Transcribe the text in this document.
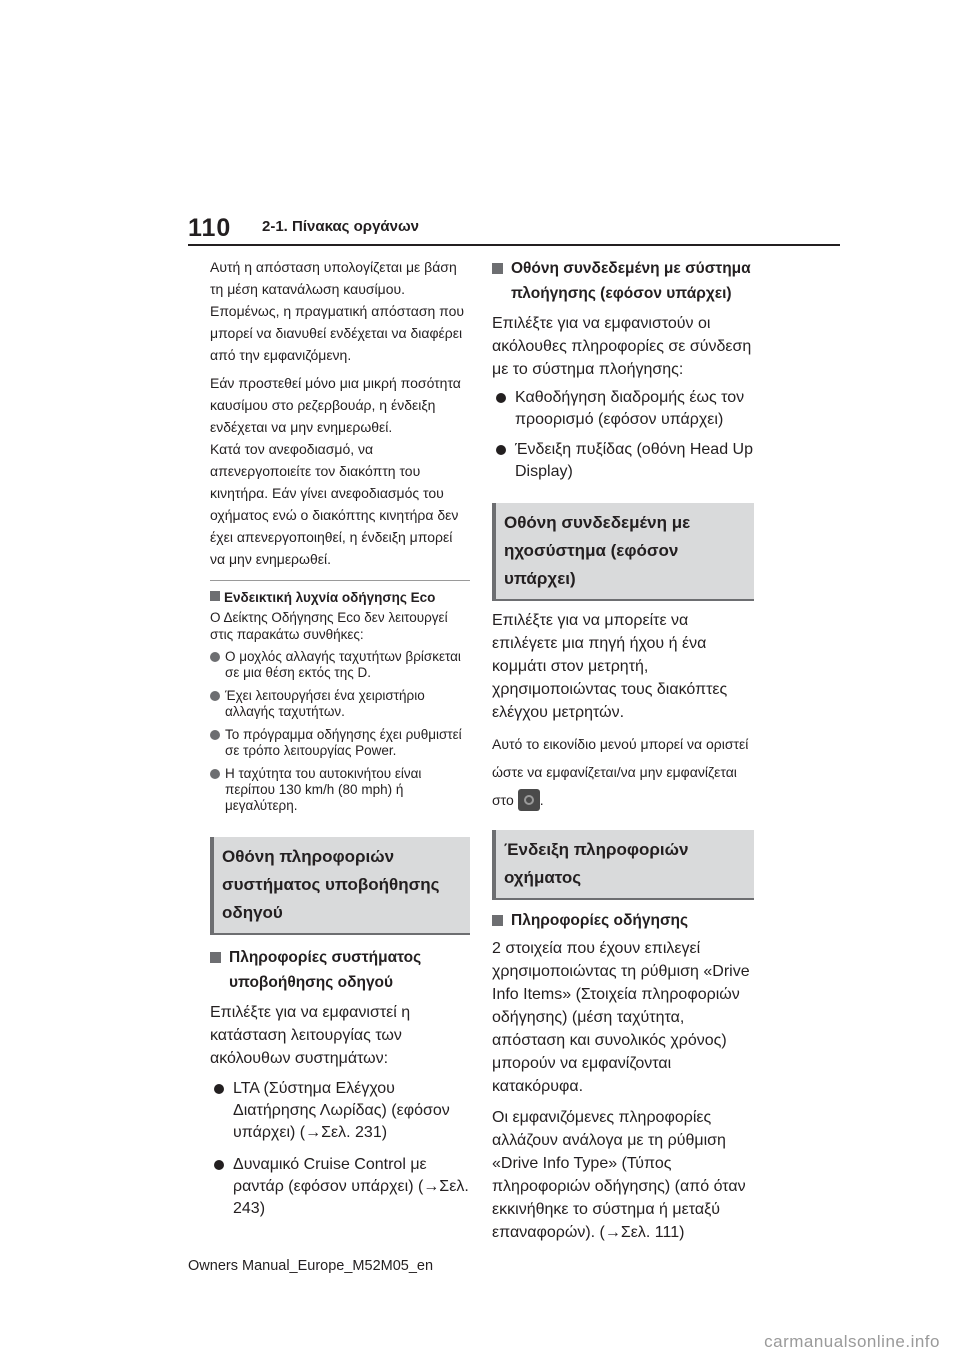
110 2-1. Πίνακας οργάνων

Αυτή η απόσταση υπολογίζεται με βάση τη μέση κατανάλωση καυσίμου. Επομένως, η πραγματική απόσταση που μπορεί να διανυθεί ενδέχεται να διαφέρει από την εμφανιζόμενη.

Εάν προστεθεί μόνο μια μικρή ποσότητα καυσίμου στο ρεζερβουάρ, η ένδειξη ενδέχεται να μην ενημερωθεί.

Κατά τον ανεφοδιασμό, να απενεργοποιείτε τον διακόπτη του κινητήρα. Εάν γίνει ανεφοδιασμός του οχήματος ενώ ο διακόπτης κινητήρα δεν έχει απενεργοποιηθεί, η ένδειξη μπορεί να μην ενημερωθεί.

Ενδεικτική λυχνία οδήγησης Eco
Ο Δείκτης Οδήγησης Eco δεν λειτουργεί στις παρακάτω συνθήκες:
Ο μοχλός αλλαγής ταχυτήτων βρίσκεται σε μια θέση εκτός της D.
Έχει λειτουργήσει ένα χειριστήριο αλλαγής ταχυτήτων.
Το πρόγραμμα οδήγησης έχει ρυθμιστεί σε τρόπο λειτουργίας Power.
Η ταχύτητα του αυτοκινήτου είναι περίπου 130 km/h (80 mph) ή μεγαλύτερη.
Οθόνη πληροφοριών συστήματος υποβοήθησης οδηγού
Πληροφορίες συστήματος υποβοήθησης οδηγού

Επιλέξτε για να εμφανιστεί η κατάσταση λειτουργίας των ακόλουθων συστημάτων:

LTA (Σύστημα Ελέγχου Διατήρησης Λωρίδας) (εφόσον υπάρχει) (→Σελ. 231)
Δυναμικό Cruise Control με ραντάρ (εφόσον υπάρχει) (→Σελ. 243)
Οθόνη συνδεδεμένη με σύστημα πλοήγησης (εφόσον υπάρχει)

Επιλέξτε για να εμφανιστούν οι ακόλουθες πληροφορίες σε σύνδεση με το σύστημα πλοήγησης:

Καθοδήγηση διαδρομής έως τον προορισμό (εφόσον υπάρχει)
Ένδειξη πυξίδας (οθόνη Head Up Display)
Οθόνη συνδεδεμένη με ηχοσύστημα (εφόσον υπάρχει)

Επιλέξτε για να μπορείτε να επιλέγετε μια πηγή ήχου ή ένα κομμάτι στον μετρητή, χρησιμοποιώντας τους διακόπτες ελέγχου μετρητών.

Αυτό το εικονίδιο μενού μπορεί να οριστεί ώστε να εμφανίζεται/να μην εμφανίζεται στο .

Ένδειξη πληροφοριών οχήματος
Πληροφορίες οδήγησης

2 στοιχεία που έχουν επιλεγεί χρησιμοποιώντας τη ρύθμιση «Drive Info Items» (Στοιχεία πληροφοριών οδήγησης) (μέση ταχύτητα, απόσταση και συνολικός χρόνος) μπορούν να εμφανίζονται κατακόρυφα.

Οι εμφανιζόμενες πληροφορίες αλλάζουν ανάλογα με τη ρύθμιση «Drive Info Type» (Τύπος πληροφοριών οδήγησης) (από όταν εκκινήθηκε το σύστημα ή μεταξύ επαναφορών). (→Σελ. 111)

Owners Manual_Europe_M52M05_en
carmanualsonline.info
